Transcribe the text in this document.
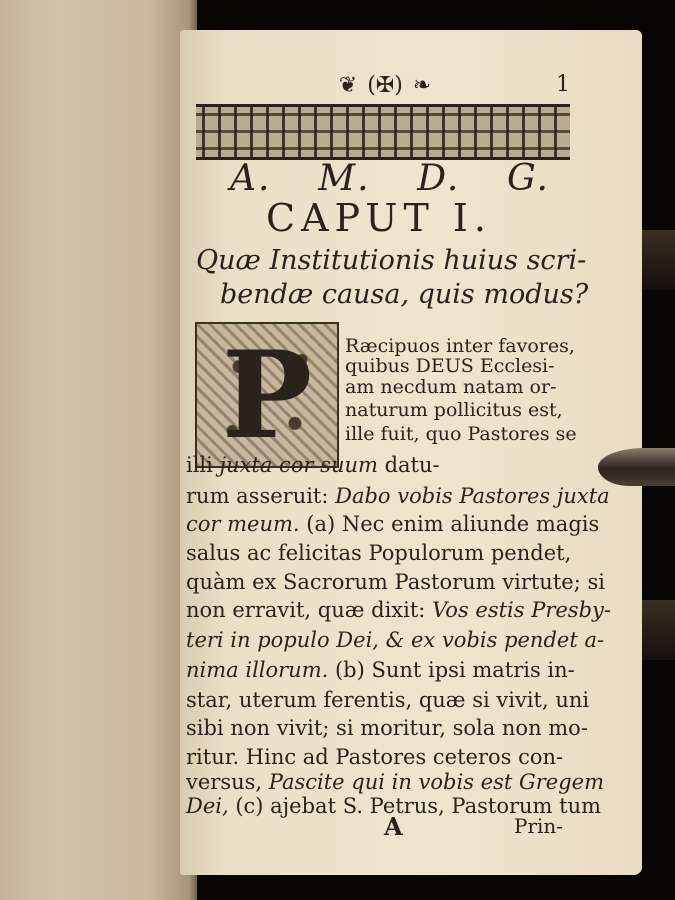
❦ (✠) ❧	1
A. M. D. G.
CAPUT I.
Quæ Institutionis huius scri-
bendæ causa, quis modus?
P	Ræcipuos inter favores,
quibus DEUS Ecclesi-
am necdum natam or-
naturum pollicitus est,
ille fuit, quo Pastores se
illi juxta cor suum datu-
rum asseruit: Dabo vobis Pastores juxta
cor meum. (a) Nec enim aliunde magis
salus ac felicitas Populorum pendet,
quàm ex Sacrorum Pastorum virtute; si
non erravit, quæ dixit: Vos estis Presby-
teri in populo Dei, & ex vobis pendet a-
nima illorum. (b) Sunt ipsi matris in-
star, uterum ferentis, quæ si vivit, uni
sibi non vivit; si moritur, sola non mo-
ritur. Hinc ad Pastores ceteros con-
versus, Pascite qui in vobis est Gregem
Dei, (c) ajebat S. Petrus, Pastorum tum
A	Prin-
